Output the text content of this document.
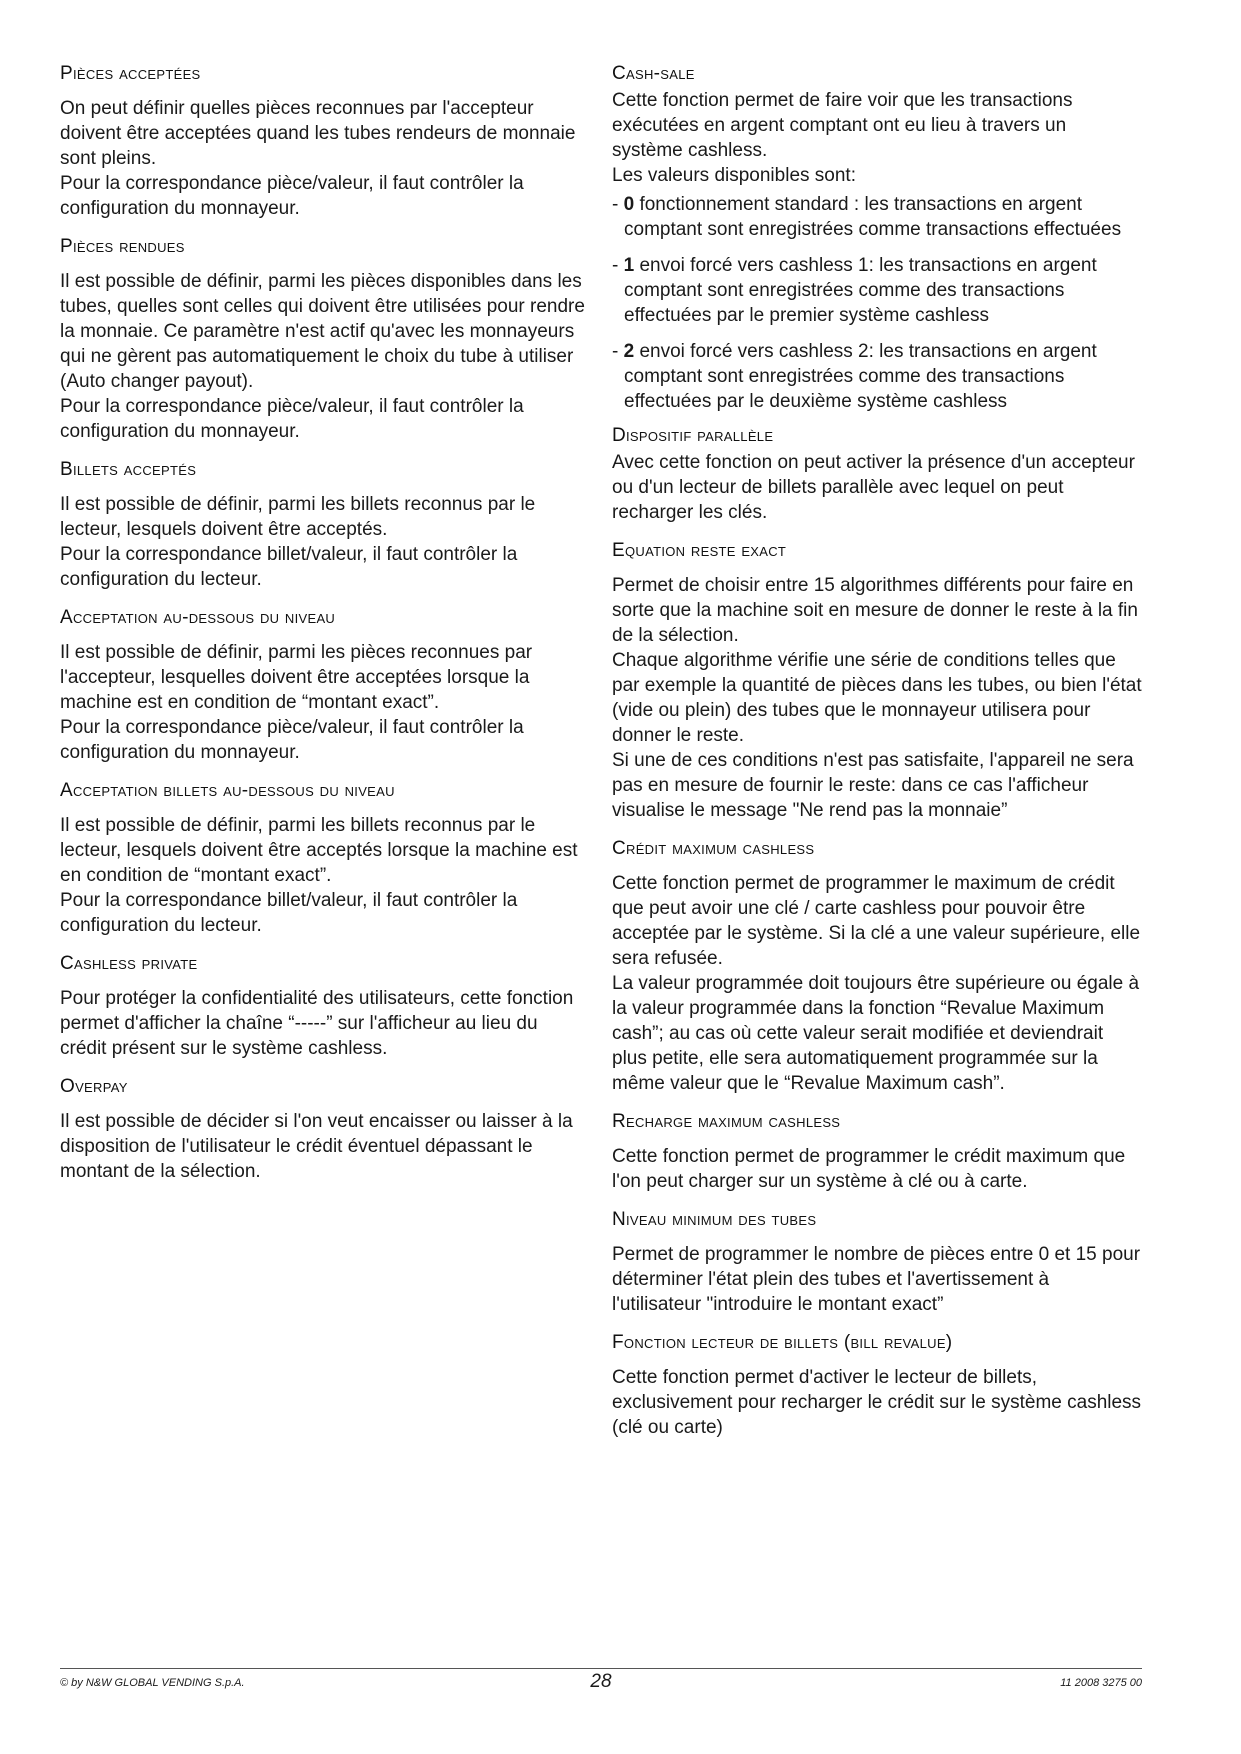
Pièces acceptées

On peut définir quelles pièces reconnues par l'accepteur doivent être acceptées quand les tubes rendeurs de monnaie sont pleins.

Pour la correspondance pièce/valeur, il faut contrôler la configuration du monnayeur.

Pièces rendues

Il est possible de définir, parmi les pièces disponibles dans les tubes, quelles sont celles qui doivent être utilisées pour rendre la monnaie. Ce paramètre n'est actif qu'avec les monnayeurs qui ne gèrent pas automatiquement le choix du tube à utiliser (Auto changer payout).

Pour la correspondance pièce/valeur, il faut contrôler la configuration du monnayeur.

Billets acceptés

Il est possible de définir, parmi les billets reconnus par le lecteur, lesquels doivent être acceptés.

Pour la correspondance billet/valeur, il faut contrôler la configuration du lecteur.

Acceptation au-dessous du niveau

Il est possible de définir, parmi les pièces reconnues par l'accepteur, lesquelles doivent être acceptées lorsque la machine est en condition de “montant exact”.

Pour la correspondance pièce/valeur, il faut contrôler la configuration du monnayeur.

Acceptation billets au-dessous du niveau

Il est possible de définir, parmi les billets reconnus par le lecteur, lesquels doivent être acceptés lorsque la machine est en condition de “montant exact”.

Pour la correspondance billet/valeur, il faut contrôler la configuration du lecteur.

Cashless private

Pour protéger la confidentialité des utilisateurs, cette fonction permet d'afficher la chaîne “-----” sur l'afficheur au lieu du crédit présent sur le système cashless.

Overpay

Il est possible de décider si l'on veut encaisser ou laisser à la disposition de l'utilisateur le crédit éventuel dépassant le montant de la sélection.

Cash-sale

Cette fonction permet de faire voir que les transactions exécutées en argent comptant ont eu lieu à travers un système cashless.

Les valeurs disponibles sont:

- 0 fonctionnement standard : les transactions en argent comptant sont enregistrées comme transactions effectuées
- 1 envoi forcé vers cashless 1: les transactions en argent comptant sont enregistrées comme des transactions effectuées par le premier système cashless
- 2 envoi forcé vers cashless 2: les transactions en argent comptant sont enregistrées comme des transactions effectuées par le deuxième système cashless
Dispositif parallèle

Avec cette fonction on peut activer la présence d'un accepteur ou d'un lecteur de billets parallèle avec lequel on peut recharger les clés.

Equation reste exact

Permet de choisir entre 15 algorithmes différents pour faire en sorte que la machine soit en mesure de donner le reste à la fin de la sélection.

Chaque algorithme vérifie une série de conditions telles que par exemple la quantité de pièces dans les tubes, ou bien l'état (vide ou plein) des tubes que le monnayeur utilisera pour donner le reste.

Si une de ces conditions n'est pas satisfaite, l'appareil ne sera pas en mesure de fournir le reste: dans ce cas l'afficheur visualise le message "Ne rend pas la monnaie”

Crédit maximum cashless

Cette fonction permet de programmer le maximum de crédit que peut avoir une clé / carte cashless pour pouvoir être acceptée par le système. Si la clé a une valeur supérieure, elle sera refusée.

La valeur programmée doit toujours être supérieure ou égale à la valeur programmée dans la fonction “Revalue Maximum cash”; au cas où cette valeur serait modifiée et deviendrait plus petite, elle sera automatiquement programmée sur la même valeur que le “Revalue Maximum cash”.

Recharge maximum cashless

Cette fonction permet de programmer le crédit maximum que l'on peut charger sur un système à clé ou à carte.

Niveau minimum des tubes

Permet de programmer le nombre de pièces entre 0 et 15 pour déterminer l'état plein des tubes et l'avertissement à l'utilisateur "introduire le montant exact”

Fonction lecteur de billets (bill revalue)

Cette fonction permet d'activer le lecteur de billets, exclusivement pour recharger le crédit sur le système cashless (clé ou carte)

© by N&W GLOBAL VENDING S.p.A.	28	11 2008 3275 00
